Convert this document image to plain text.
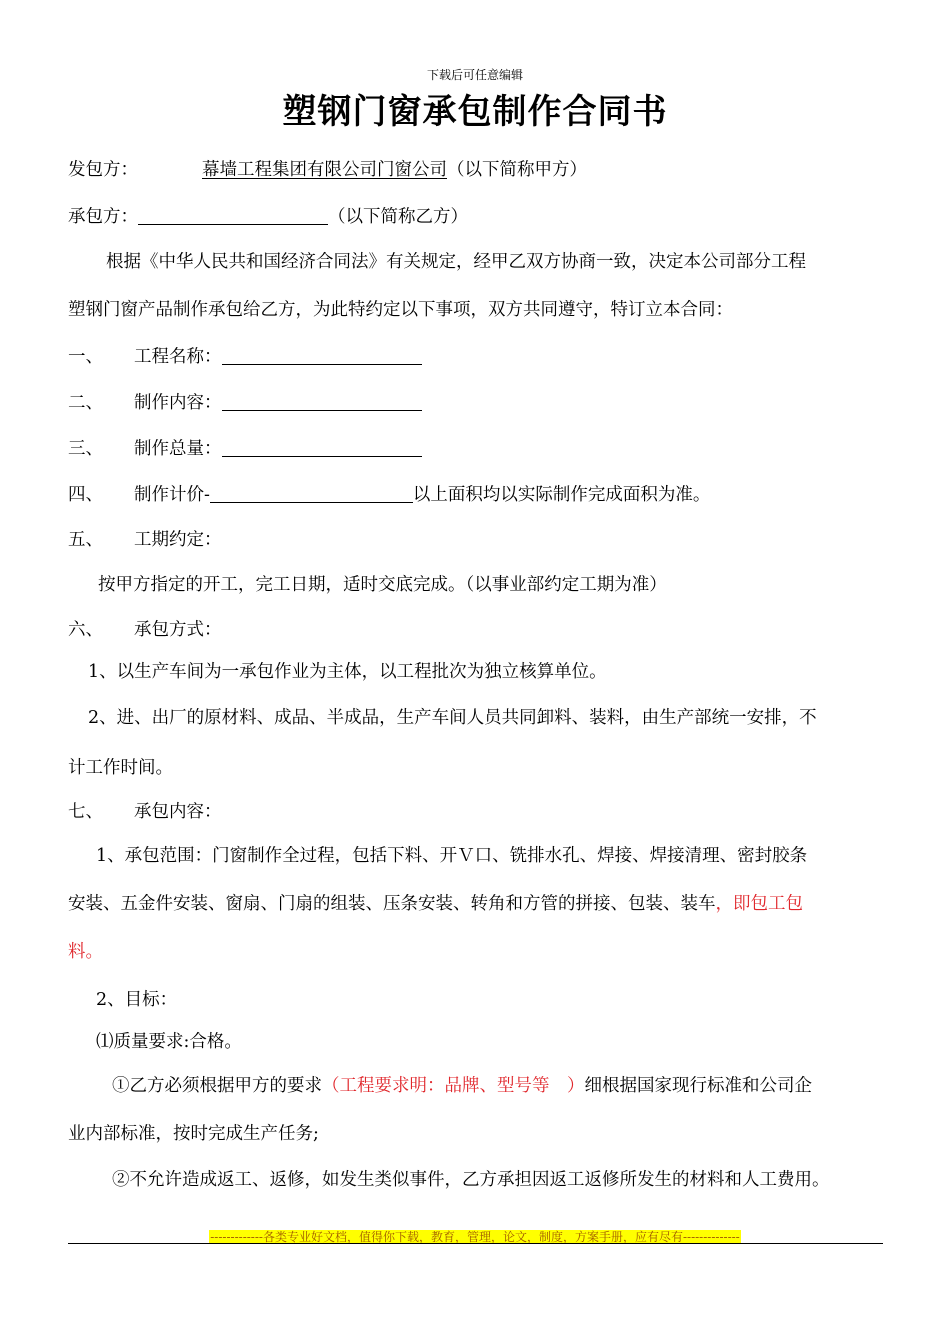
下载后可任意编辑
塑钢门窗承包制作合同书
发包方：	幕墙工程集团有限公司门窗公司（以下简称甲方）
承包方：	（以下简称乙方）
根据《中华人民共和国经济合同法》有关规定，经甲乙双方协商一致，决定本公司部分工程
塑钢门窗产品制作承包给乙方，为此特约定以下事项，双方共同遵守，特订立本合同：
一、 工程名称：
二、 制作内容：
三、 制作总量：
四、 制作计价-	以上面积均以实际制作完成面积为准。
五、 工期约定：
按甲方指定的开工，完工日期，适时交底完成。（以事业部约定工期为准）
六、 承包方式：
1、以生产车间为一承包作业为主体，以工程批次为独立核算单位。
2、进、出厂的原材料、成品、半成品，生产车间人员共同卸料、装料，由生产部统一安排，不
计工作时间。
七、 承包内容：
1、承包范围：门窗制作全过程，包括下料、开Ｖ口、铣排水孔、焊接、焊接清理、密封胶条
安装、五金件安装、窗扇、门扇的组装、压条安装、转角和方管的拼接、包装、装车，即包工包
料。
2、目标：
⑴质量要求:合格。
①乙方必须根据甲方的要求（工程要求明：品牌、型号等　）细根据国家现行标准和公司企
业内部标准，按时完成生产任务;
②不允许造成返工、返修，如发生类似事件，乙方承担因返工返修所发生的材料和人工费用。
-------------各类专业好文档，值得你下载，教育，管理，论文，制度，方案手册，应有尽有--------------
